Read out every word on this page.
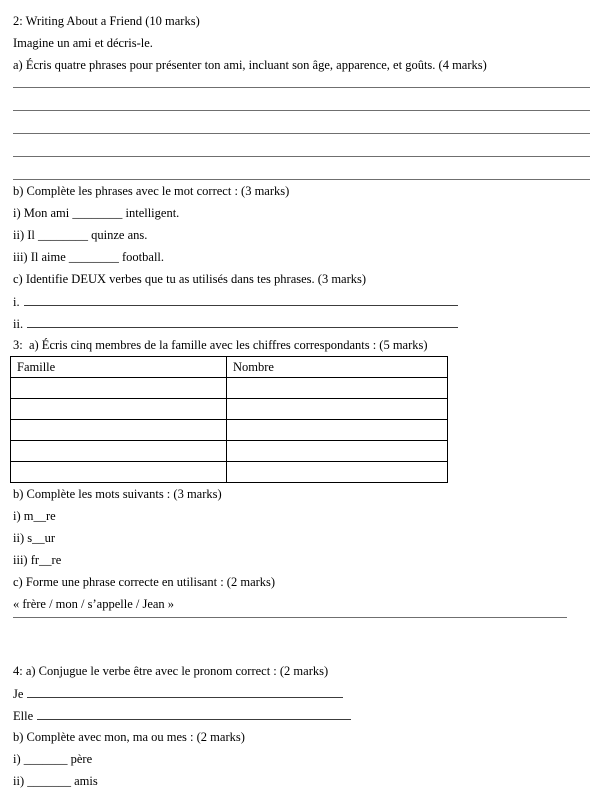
2: Writing About a Friend (10 marks)

Imagine un ami et décris-le.

a) Écris quatre phrases pour présenter ton ami, incluant son âge, apparence, et goûts. (4 marks)

b) Complète les phrases avec le mot correct : (3 marks)

i) Mon ami ________ intelligent.

ii) Il ________ quinze ans.

iii) Il aime ________ football.

c) Identifie DEUX verbes que tu as utilisés dans tes phrases. (3 marks)

i.

ii.

3:  a) Écris cinq membres de la famille avec les chiffres correspondants : (5 marks)

Famille	Nombre

b) Complète les mots suivants : (3 marks)

i) m__re

ii) s__ur

iii) fr__re

c) Forme une phrase correcte en utilisant : (2 marks)

« frère / mon / s’appelle / Jean »

4: a) Conjugue le verbe être avec le pronom correct : (2 marks)

Je

Elle

b) Complète avec mon, ma ou mes : (2 marks)

i) _______ père

ii) _______ amis
